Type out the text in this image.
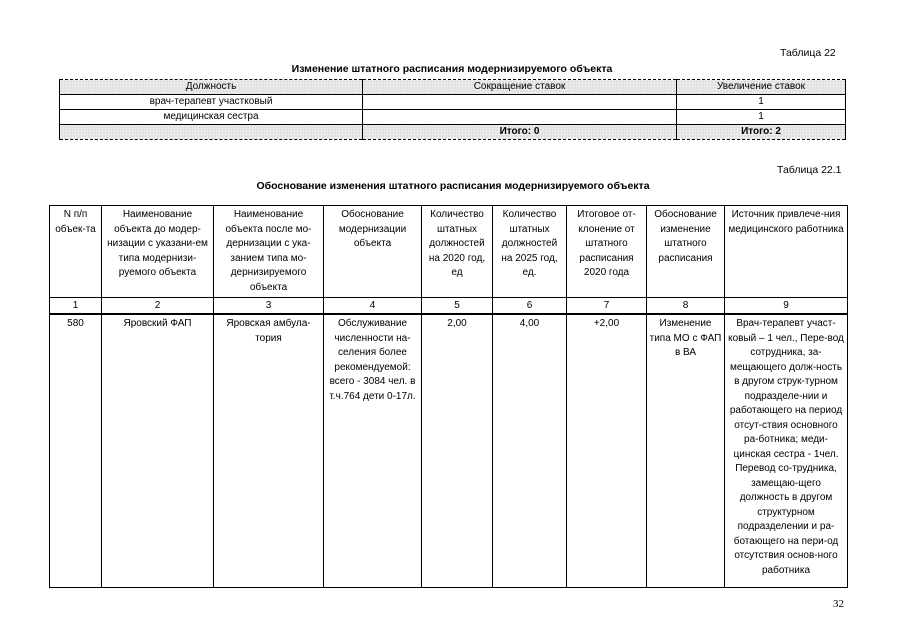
Таблица 22
Изменение штатного расписания модернизируемого объекта
Должность	Сокращение ставок	Увеличение ставок
врач-терапевт участковый		1
медицинская сестра		1
	Итого: 0	Итого: 2
Таблица 22.1
Обоснование изменения штатного расписания модернизируемого объекта
N п/п объек-та	Наименование объекта до модер-низации с указани-ем типа модернизи-руемого объекта	Наименование объекта после мо-дернизации с ука-занием типа мо-дернизируемого объекта	Обоснование модернизации объекта	Количество штатных должностей на 2020 год, ед	Количество штатных должностей на 2025 год, ед.	Итоговое от-клонение от штатного расписания 2020 года	Обоснование изменение штатного расписания	Источник привлече-ния медицинского работника
1	2	3	4	5	6	7	8	9

580	Яровский ФАП	Яровская амбула-тория	Обслуживание численности на-селения более рекомендуемой: всего - 3084 чел. в т.ч.764 дети 0-17л.	2,00	4,00	+2,00	Изменение типа МО с ФАП в ВА	Врач-терапевт участ-ковый – 1 чел., Пере-вод сотрудника, за-мещающего долж-ность в другом струк-турном подразделе-нии и работающего на период отсут-ствия основного ра-ботника; меди-цинская сестра - 1чел. Перевод со-трудника, замещаю-щего должность в другом структурном подразделении и ра-ботающего на пери-од отсутствия основ-ного работника
32
